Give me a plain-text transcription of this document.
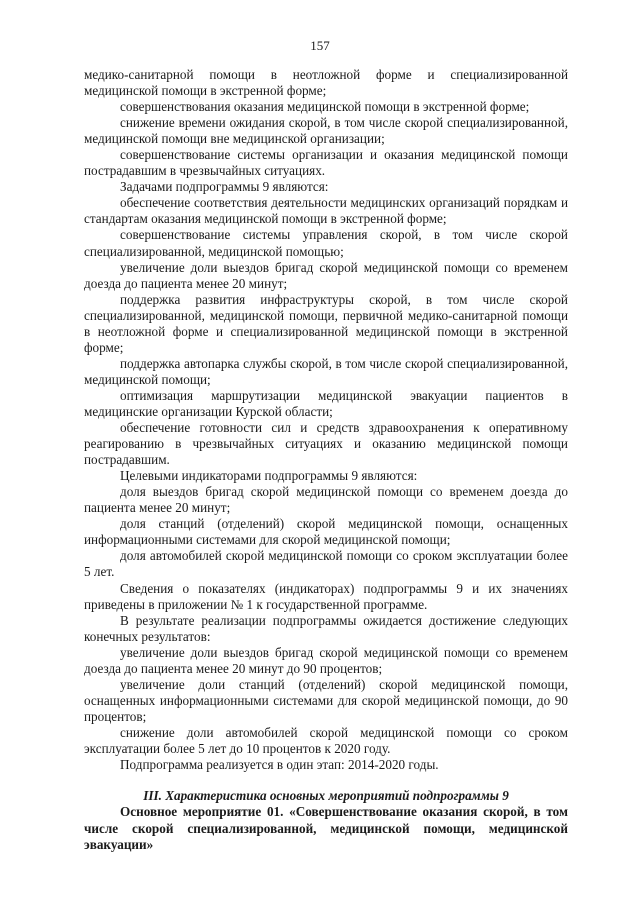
157

медико-санитарной помощи в неотложной форме и специализированной медицинской помощи в экстренной форме;

совершенствования оказания медицинской помощи в экстренной форме;

снижение времени ожидания скорой, в том числе скорой специализированной, медицинской помощи вне медицинской организации;

совершенствование системы организации и оказания медицинской помощи пострадавшим в чрезвычайных ситуациях.

Задачами подпрограммы 9 являются:

обеспечение соответствия деятельности медицинских организаций порядкам и стандартам оказания медицинской помощи в экстренной форме;

совершенствование системы управления скорой, в том числе скорой специализированной, медицинской помощью;

увеличение доли выездов бригад скорой медицинской помощи со временем доезда до пациента менее 20 минут;

поддержка развития инфраструктуры скорой, в том числе скорой специализированной, медицинской помощи, первичной медико-санитарной помощи в неотложной форме и специализированной медицинской помощи в экстренной форме;

поддержка автопарка службы скорой, в том числе скорой специализированной, медицинской помощи;

оптимизация маршрутизации медицинской эвакуации пациентов в медицинские организации Курской области;

обеспечение готовности сил и средств здравоохранения к оперативному реагированию в чрезвычайных ситуациях и оказанию медицинской помощи пострадавшим.

Целевыми индикаторами подпрограммы 9 являются:

доля выездов бригад скорой медицинской помощи со временем доезда до пациента менее 20 минут;

доля станций (отделений) скорой медицинской помощи, оснащенных информационными системами для скорой медицинской помощи;

доля автомобилей скорой медицинской помощи со сроком эксплуатации более 5 лет.

Сведения о показателях (индикаторах) подпрограммы 9 и их значениях приведены в приложении № 1 к государственной программе.

В результате реализации подпрограммы ожидается достижение следующих конечных результатов:

увеличение доли выездов бригад скорой медицинской помощи со временем доезда до пациента менее 20 минут до 90 процентов;

увеличение доли станций (отделений) скорой медицинской помощи, оснащенных информационными системами для скорой медицинской помощи, до 90 процентов;

снижение доли автомобилей скорой медицинской помощи со сроком эксплуатации более 5 лет до 10 процентов к 2020 году.

Подпрограмма реализуется в один этап: 2014-2020 годы.

III. Характеристика основных мероприятий подпрограммы 9

Основное мероприятие 01. «Совершенствование оказания скорой, в том числе скорой специализированной, медицинской помощи, медицинской эвакуации»
